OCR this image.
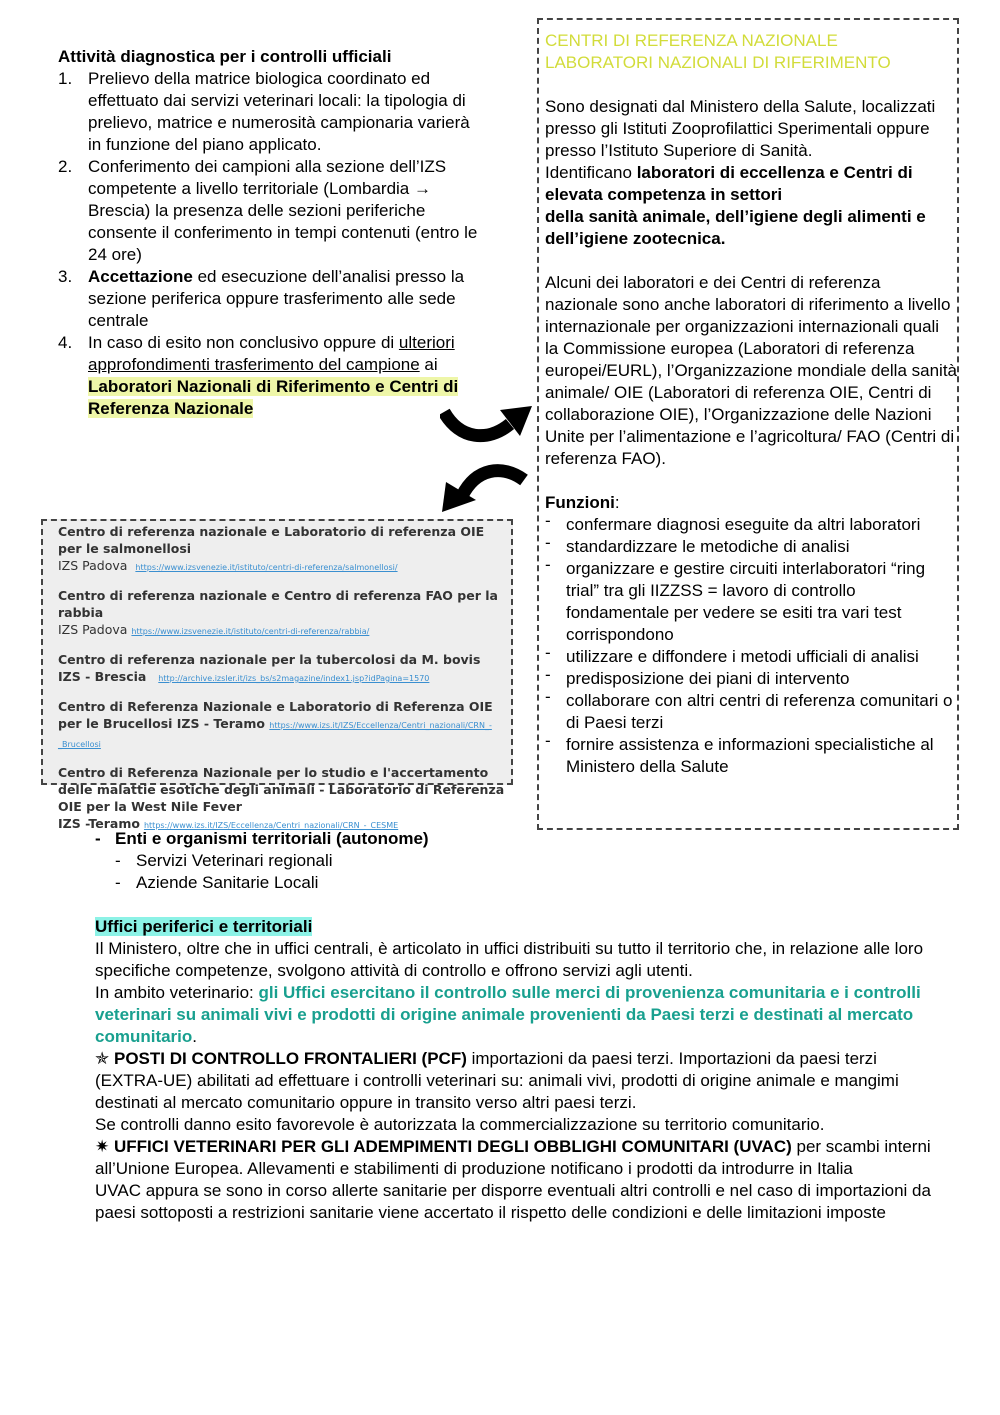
Attività diagnostica per i controlli ufficiali
1. Prelievo della matrice biologica coordinato ed effettuato dai servizi veterinari locali: la tipologia di prelievo, matrice e numerosità campionaria varierà in funzione del piano applicato.
2. Conferimento dei campioni alla sezione dell’IZS competente a livello territoriale (Lombardia → Brescia) la presenza delle sezioni periferiche consente il conferimento in tempi contenuti (entro le 24 ore)
3. Accettazione ed esecuzione dell’analisi presso la sezione periferica oppure trasferimento alle sede centrale
4. In caso di esito non conclusivo oppure di ulteriori approfondimenti trasferimento del campione ai Laboratori Nazionali di Riferimento e Centri di Referenza Nazionale

CENTRI DI REFERENZA NAZIONALE

LABORATORI NAZIONALI DI RIFERIMENTO

Sono designati dal Ministero della Salute, localizzati presso gli Istituti Zooprofilattici Sperimentali oppure presso l’Istituto Superiore di Sanità.

Identificano laboratori di eccellenza e Centri di elevata competenza in settori
della sanità animale, dell’igiene degli alimenti e dell’igiene zootecnica.

Alcuni dei laboratori e dei Centri di referenza nazionale sono anche laboratori di riferimento a livello internazionale per organizzazioni internazionali quali la Commissione europea (Laboratori di referenza europei/EURL), l’Organizzazione mondiale della sanità animale/ OIE (Laboratori di referenza OIE, Centri di collaborazione OIE), l’Organizzazione delle Nazioni Unite per l’alimentazione e l’agricoltura/ FAO (Centri di referenza FAO).

Funzioni:

- confermare diagnosi eseguite da altri laboratori
- standardizzare le metodiche di analisi
- organizzare e gestire circuiti interlaboratori “ring trial” tra gli IIZZSS = lavoro di controllo fondamentale per vedere se esiti tra vari test corrispondono
- utilizzare e diffondere i metodi ufficiali di analisi
- predisposizione dei piani di intervento
- collaborare con altri centri di referenza comunitari o di Paesi terzi
- fornire assistenza e informazioni specialistiche al Ministero della Salute
Centro di referenza nazionale e Laboratorio di referenza OIE per le salmonellosi
IZS Padova https://www.izsvenezie.it/istituto/centri-di-referenza/salmonellosi/
Centro di referenza nazionale e Centro di referenza FAO per la rabbia
IZS Padova https://www.izsvenezie.it/istituto/centri-di-referenza/rabbia/
Centro di referenza nazionale per la tubercolosi da M. bovis
IZS - Brescia http://archive.izsler.it/izs_bs/s2magazine/index1.jsp?idPagina=1570
Centro di Referenza Nazionale e Laboratorio di Referenza OIE per le Brucellosi IZS - Teramo https://www.izs.it/IZS/Eccellenza/Centri_nazionali/CRN_-_Brucellosi
Centro di Referenza Nazionale per lo studio e l'accertamento delle malattie esotiche degli animali - Laboratorio di Referenza OIE per la West Nile Fever
IZS -Teramo https://www.izs.it/IZS/Eccellenza/Centri_nazionali/CRN_-_CESME

- Enti e organismi territoriali (autonome)

- Servizi Veterinari regionali

- Aziende Sanitarie Locali

Uffici periferici e territoriali

Il Ministero, oltre che in uffici centrali, è articolato in uffici distribuiti su tutto il territorio che, in relazione alle loro specifiche competenze, svolgono attività di controllo e offrono servizi agli utenti.

In ambito veterinario: gli Uffici esercitano il controllo sulle merci di provenienza comunitaria e i controlli veterinari su animali vivi e prodotti di origine animale provenienti da Paesi terzi e destinati al mercato comunitario.

✯ POSTI DI CONTROLLO FRONTALIERI (PCF) importazioni da paesi terzi. Importazioni da paesi terzi (EXTRA-UE) abilitati ad effettuare i controlli veterinari su: animali vivi, prodotti di origine animale e mangimi destinati al mercato comunitario oppure in transito verso altri paesi terzi.

Se controlli danno esito favorevole è autorizzata la commercializzazione su territorio comunitario.

✷ UFFICI VETERINARI PER GLI ADEMPIMENTI DEGLI OBBLIGHI COMUNITARI (UVAC) per scambi interni all’Unione Europea. Allevamenti e stabilimenti di produzione notificano i prodotti da introdurre in Italia

UVAC appura se sono in corso allerte sanitarie per disporre eventuali altri controlli e nel caso di importazioni da paesi sottoposti a restrizioni sanitarie viene accertato il rispetto delle condizioni e delle limitazioni imposte
